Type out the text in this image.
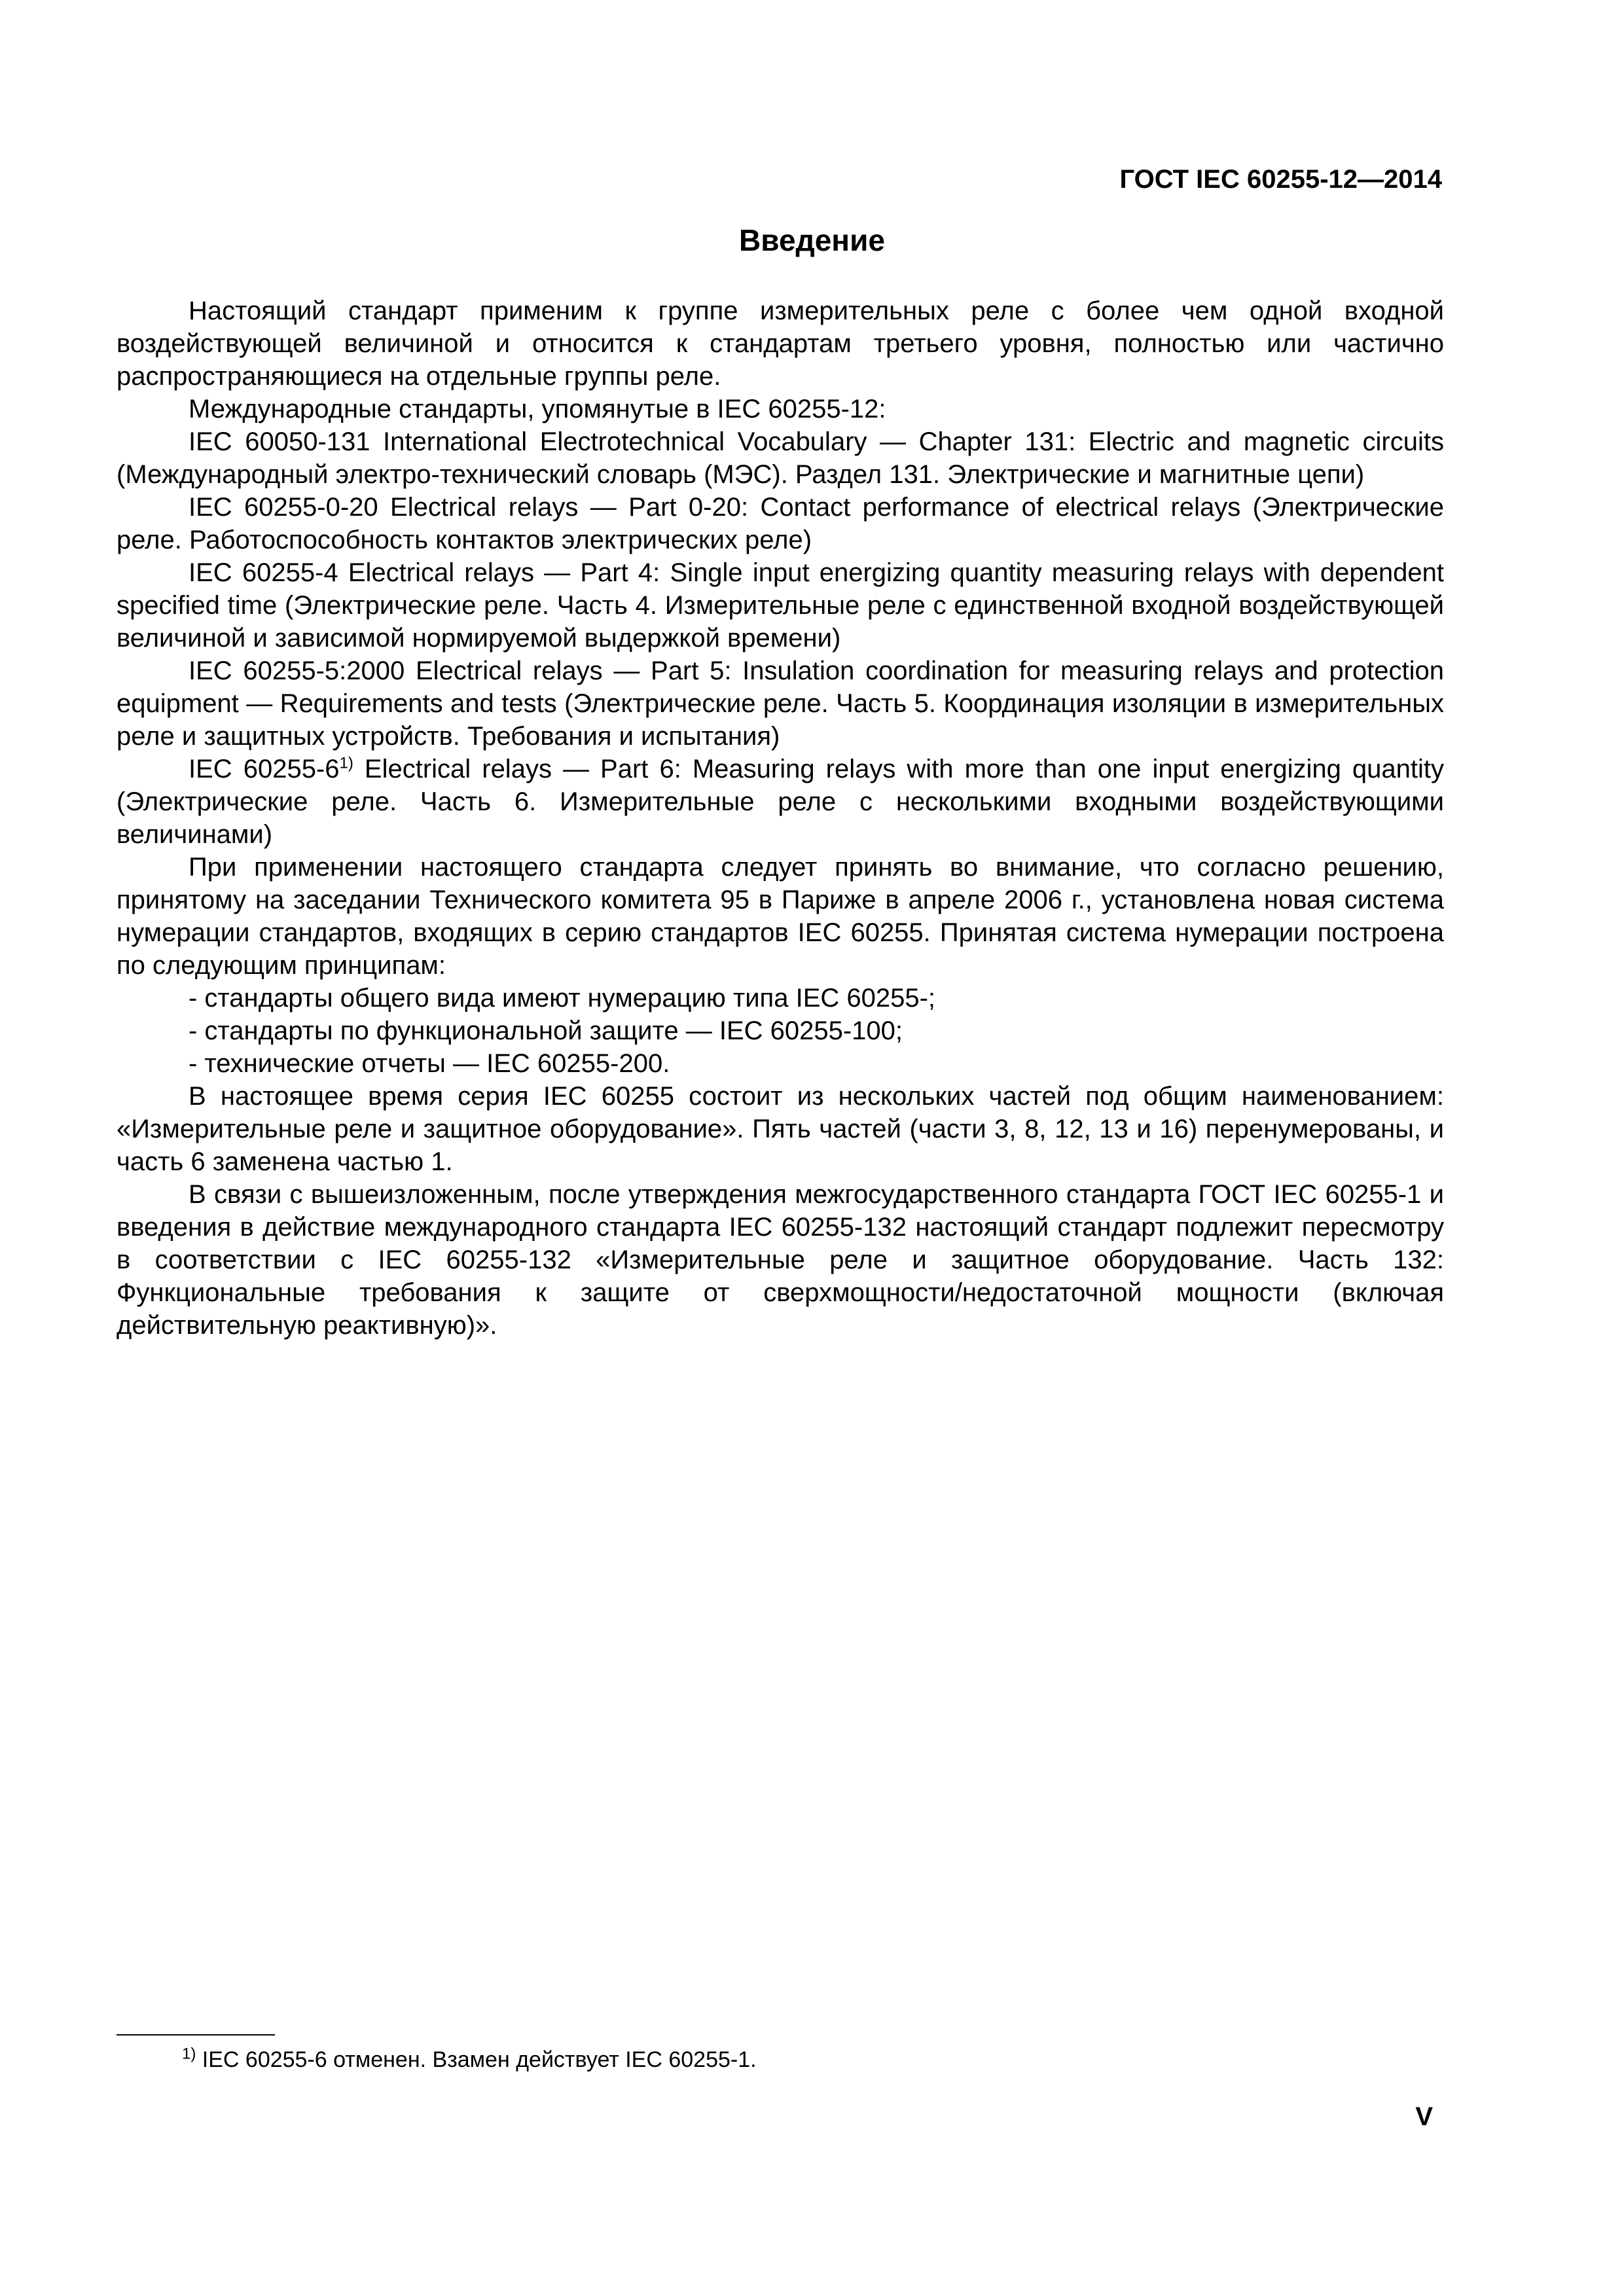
ГОСТ IEC 60255-12—2014
Введение

Настоящий стандарт применим к группе измерительных реле с более чем одной входной воздействующей величиной и относится к стандартам третьего уровня, полностью или частично распространяющиеся на отдельные группы реле.

Международные стандарты, упомянутые в IEC 60255-12:

IEC 60050-131 International Electrotechnical Vocabulary — Chapter 131: Electric and magnetic circuits (Международный электро-технический словарь (МЭС). Раздел 131. Электрические и магнитные цепи)

IEC 60255-0-20 Electrical relays — Part 0-20: Contact performance of electrical relays (Электрические реле. Работоспособность контактов электрических реле)

IEC 60255-4 Electrical relays — Part 4: Single input energizing quantity measuring relays with dependent specified time (Электрические реле. Часть 4. Измерительные реле с единственной входной воздействующей величиной и зависимой нормируемой выдержкой времени)

IEC 60255-5:2000 Electrical relays — Part 5: Insulation coordination for measuring relays and protection equipment — Requirements and tests (Электрические реле. Часть 5. Координация изоляции в измерительных реле и защитных устройств. Требования и испытания)

IEC 60255-6$^{1)}$ Electrical relays — Part 6: Measuring relays with more than one input energizing quantity (Электрические реле. Часть 6. Измерительные реле с несколькими входными воздействующими величинами)

При применении настоящего стандарта следует принять во внимание, что согласно решению, принятому на заседании Технического комитета 95 в Париже в апреле 2006 г., установлена новая система нумерации стандартов, входящих в серию стандартов IEC 60255. Принятая система нумерации построена по следующим принципам:

- стандарты общего вида имеют нумерацию типа IEC 60255-;

- стандарты по функциональной защите — IEC 60255-100;

- технические отчеты — IEC 60255-200.

В настоящее время серия IEC 60255 состоит из нескольких частей под общим наименованием: «Измерительные реле и защитное оборудование». Пять частей (части 3, 8, 12, 13 и 16) перенумерованы, и часть 6 заменена частью 1.

В связи с вышеизложенным, после утверждения межгосударственного стандарта ГОСТ IEC 60255-1 и введения в действие международного стандарта IEC 60255-132 настоящий стандарт подлежит пересмотру в соответствии с IEC 60255-132 «Измерительные реле и защитное оборудование. Часть 132: Функциональные требования к защите от сверхмощности/недостаточной мощности (включая действительную реактивную)».

$^{1)}$ IEC 60255-6 отменен. Взамен действует IEC 60255-1.
V
